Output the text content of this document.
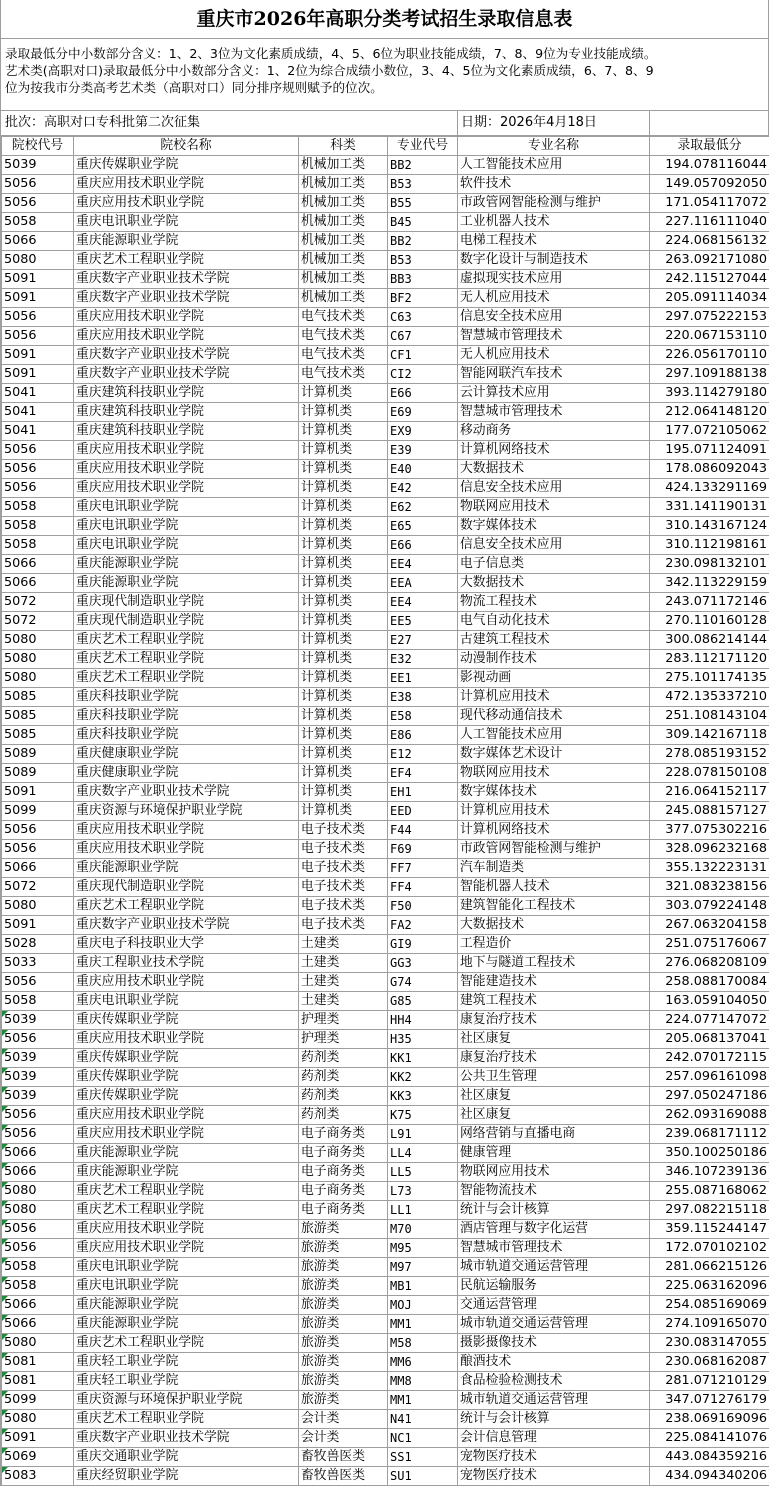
重庆市2026年高职分类考试招生录取信息表
录取最低分中小数部分含义：1、2、3位为文化素质成绩，4、5、6位为职业技能成绩，7、8、9位为专业技能成绩。
艺术类(高职对口)录取最低分中小数部分含义：1、2位为综合成绩小数位，3、4、5位为文化素质成绩，6、7、8、9
位为按我市分类高考艺术类（高职对口）同分排序规则赋予的位次。
批次：高职对口专科批第二次征集	日期：2026年4月18日
院校代号	院校名称	科类	专业代号	专业名称	录取最低分
5039	重庆传媒职业学院	机械加工类	BB2	人工智能技术应用	194.078116044
5056	重庆应用技术职业学院	机械加工类	B53	软件技术	149.057092050
5056	重庆应用技术职业学院	机械加工类	B55	市政管网智能检测与维护	171.054117072
5058	重庆电讯职业学院	机械加工类	B45	工业机器人技术	227.116111040
5066	重庆能源职业学院	机械加工类	BB2	电梯工程技术	224.068156132
5080	重庆艺术工程职业学院	机械加工类	B53	数字化设计与制造技术	263.092171080
5091	重庆数字产业职业技术学院	机械加工类	BB3	虚拟现实技术应用	242.115127044
5091	重庆数字产业职业技术学院	机械加工类	BF2	无人机应用技术	205.091114034
5056	重庆应用技术职业学院	电气技术类	C63	信息安全技术应用	297.075222153
5056	重庆应用技术职业学院	电气技术类	C67	智慧城市管理技术	220.067153110
5091	重庆数字产业职业技术学院	电气技术类	CF1	无人机应用技术	226.056170110
5091	重庆数字产业职业技术学院	电气技术类	CI2	智能网联汽车技术	297.109188138
5041	重庆建筑科技职业学院	计算机类	E66	云计算技术应用	393.114279180
5041	重庆建筑科技职业学院	计算机类	E69	智慧城市管理技术	212.064148120
5041	重庆建筑科技职业学院	计算机类	EX9	移动商务	177.072105062
5056	重庆应用技术职业学院	计算机类	E39	计算机网络技术	195.071124091
5056	重庆应用技术职业学院	计算机类	E40	大数据技术	178.086092043
5056	重庆应用技术职业学院	计算机类	E42	信息安全技术应用	424.133291169
5058	重庆电讯职业学院	计算机类	E62	物联网应用技术	331.141190131
5058	重庆电讯职业学院	计算机类	E65	数字媒体技术	310.143167124
5058	重庆电讯职业学院	计算机类	E66	信息安全技术应用	310.112198161
5066	重庆能源职业学院	计算机类	EE4	电子信息类	230.098132101
5066	重庆能源职业学院	计算机类	EEA	大数据技术	342.113229159
5072	重庆现代制造职业学院	计算机类	EE4	物流工程技术	243.071172146
5072	重庆现代制造职业学院	计算机类	EE5	电气自动化技术	270.110160128
5080	重庆艺术工程职业学院	计算机类	E27	古建筑工程技术	300.086214144
5080	重庆艺术工程职业学院	计算机类	E32	动漫制作技术	283.112171120
5080	重庆艺术工程职业学院	计算机类	EE1	影视动画	275.101174135
5085	重庆科技职业学院	计算机类	E38	计算机应用技术	472.135337210
5085	重庆科技职业学院	计算机类	E58	现代移动通信技术	251.108143104
5085	重庆科技职业学院	计算机类	E86	人工智能技术应用	309.142167118
5089	重庆健康职业学院	计算机类	E12	数字媒体艺术设计	278.085193152
5089	重庆健康职业学院	计算机类	EF4	物联网应用技术	228.078150108
5091	重庆数字产业职业技术学院	计算机类	EH1	数字媒体技术	216.064152117
5099	重庆资源与环境保护职业学院	计算机类	EED	计算机应用技术	245.088157127
5056	重庆应用技术职业学院	电子技术类	F44	计算机网络技术	377.075302216
5056	重庆应用技术职业学院	电子技术类	F69	市政管网智能检测与维护	328.096232168
5066	重庆能源职业学院	电子技术类	FF7	汽车制造类	355.132223131
5072	重庆现代制造职业学院	电子技术类	FF4	智能机器人技术	321.083238156
5080	重庆艺术工程职业学院	电子技术类	F50	建筑智能化工程技术	303.079224148
5091	重庆数字产业职业技术学院	电子技术类	FA2	大数据技术	267.063204158
5028	重庆电子科技职业大学	土建类	GI9	工程造价	251.075176067
5033	重庆工程职业技术学院	土建类	GG3	地下与隧道工程技术	276.068208109
5056	重庆应用技术职业学院	土建类	G74	智能建造技术	258.088170084
5058	重庆电讯职业学院	土建类	G85	建筑工程技术	163.059104050
5039	重庆传媒职业学院	护理类	HH4	康复治疗技术	224.077147072
5056	重庆应用技术职业学院	护理类	H35	社区康复	205.068137041
5039	重庆传媒职业学院	药剂类	KK1	康复治疗技术	242.070172115
5039	重庆传媒职业学院	药剂类	KK2	公共卫生管理	257.096161098
5039	重庆传媒职业学院	药剂类	KK3	社区康复	297.050247186
5056	重庆应用技术职业学院	药剂类	K75	社区康复	262.093169088
5056	重庆应用技术职业学院	电子商务类	L91	网络营销与直播电商	239.068171112
5066	重庆能源职业学院	电子商务类	LL4	健康管理	350.100250186
5066	重庆能源职业学院	电子商务类	LL5	物联网应用技术	346.107239136
5080	重庆艺术工程职业学院	电子商务类	L73	智能物流技术	255.087168062
5080	重庆艺术工程职业学院	电子商务类	LL1	统计与会计核算	297.082215118
5056	重庆应用技术职业学院	旅游类	M70	酒店管理与数字化运营	359.115244147
5056	重庆应用技术职业学院	旅游类	M95	智慧城市管理技术	172.070102102
5058	重庆电讯职业学院	旅游类	M97	城市轨道交通运营管理	281.066215126
5058	重庆电讯职业学院	旅游类	MB1	民航运输服务	225.063162096
5066	重庆能源职业学院	旅游类	MOJ	交通运营管理	254.085169069
5066	重庆能源职业学院	旅游类	MM1	城市轨道交通运营管理	274.109165070
5080	重庆艺术工程职业学院	旅游类	M58	摄影摄像技术	230.083147055
5081	重庆轻工职业学院	旅游类	MM6	酿酒技术	230.068162087
5081	重庆轻工职业学院	旅游类	MM8	食品检验检测技术	281.071210129
5099	重庆资源与环境保护职业学院	旅游类	MM1	城市轨道交通运营管理	347.071276179
5080	重庆艺术工程职业学院	会计类	N41	统计与会计核算	238.069169096
5091	重庆数字产业职业技术学院	会计类	NC1	会计信息管理	225.084141076
5069	重庆交通职业学院	畜牧兽医类	SS1	宠物医疗技术	443.084359216
5083	重庆经贸职业学院	畜牧兽医类	SU1	宠物医疗技术	434.094340206
